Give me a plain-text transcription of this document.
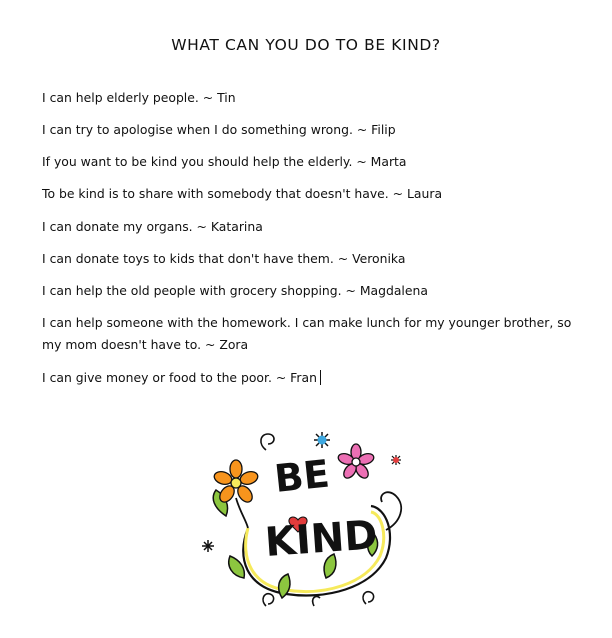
WHAT CAN YOU DO TO BE KIND?
I can help elderly people. ~ Tin
I can try to apologise when I do something wrong. ~ Filip
If you want to be kind you should help the elderly. ~ Marta
To be kind is to share with somebody that doesn't have. ~ Laura
I can donate my organs. ~ Katarina
I can donate toys to kids that don't have them. ~ Veronika
I can help the old people with grocery shopping. ~ Magdalena
I can help someone with the homework. I can make lunch for my younger brother, so my mom doesn't have to. ~ Zora
I can give money or food to the poor. ~ Fran
BE
KIND
